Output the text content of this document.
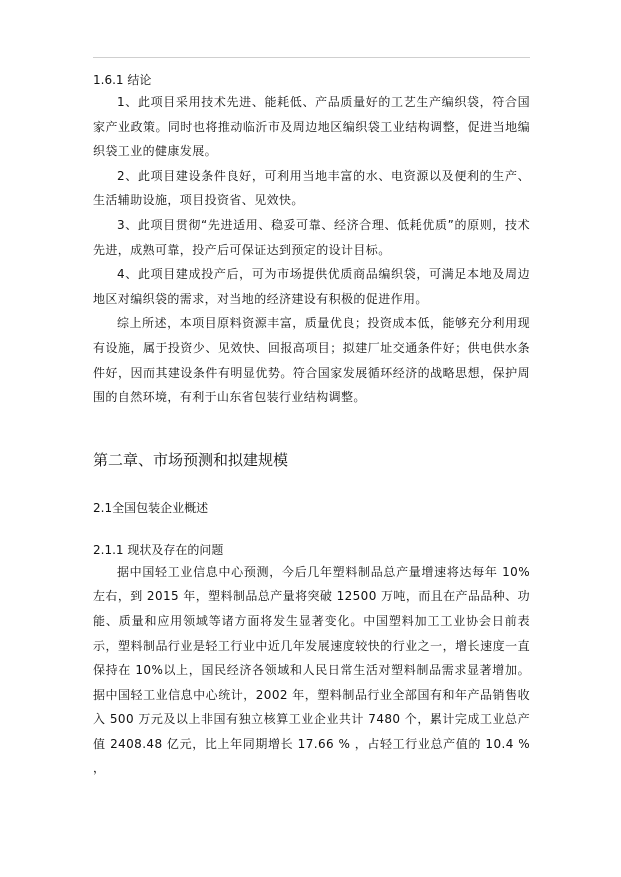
1.6.1 结论

1、此项目采用技术先进、能耗低、产品质量好的工艺生产编织袋，符合国家产业政策。同时也将推动临沂市及周边地区编织袋工业结构调整，促进当地编织袋工业的健康发展。

2、此项目建设条件良好，可利用当地丰富的水、电资源以及便利的生产、生活辅助设施，项目投资省、见效快。

3、此项目贯彻“先进适用、稳妥可靠、经济合理、低耗优质”的原则，技术先进，成熟可靠，投产后可保证达到预定的设计目标。

4、此项目建成投产后，可为市场提供优质商品编织袋，可满足本地及周边地区对编织袋的需求，对当地的经济建设有积极的促进作用。

综上所述，本项目原料资源丰富，质量优良；投资成本低，能够充分利用现有设施，属于投资少、见效快、回报高项目；拟建厂址交通条件好；供电供水条件好，因而其建设条件有明显优势。符合国家发展循环经济的战略思想，保护周围的自然环境，有利于山东省包装行业结构调整。

第二章、市场预测和拟建规模
2.1全国包装企业概述
2.1.1 现状及存在的问题

据中国轻工业信息中心预测，今后几年塑料制品总产量增速将达每年 10%左右，到 2015 年，塑料制品总产量将突破 12500 万吨，而且在产品品种、功能、质量和应用领域等诸方面将发生显著变化。中国塑料加工工业协会日前表示，塑料制品行业是轻工行业中近几年发展速度较快的行业之一，增长速度一直保持在 10%以上，国民经济各领域和人民日常生活对塑料制品需求显著增加。据中国轻工业信息中心统计，2002 年，塑料制品行业全部国有和年产品销售收入 500 万元及以上非国有独立核算工业企业共计 7480 个，累计完成工业总产值 2408.48 亿元，比上年同期增长 17.66 % ，占轻工行业总产值的 10.4 % ，
